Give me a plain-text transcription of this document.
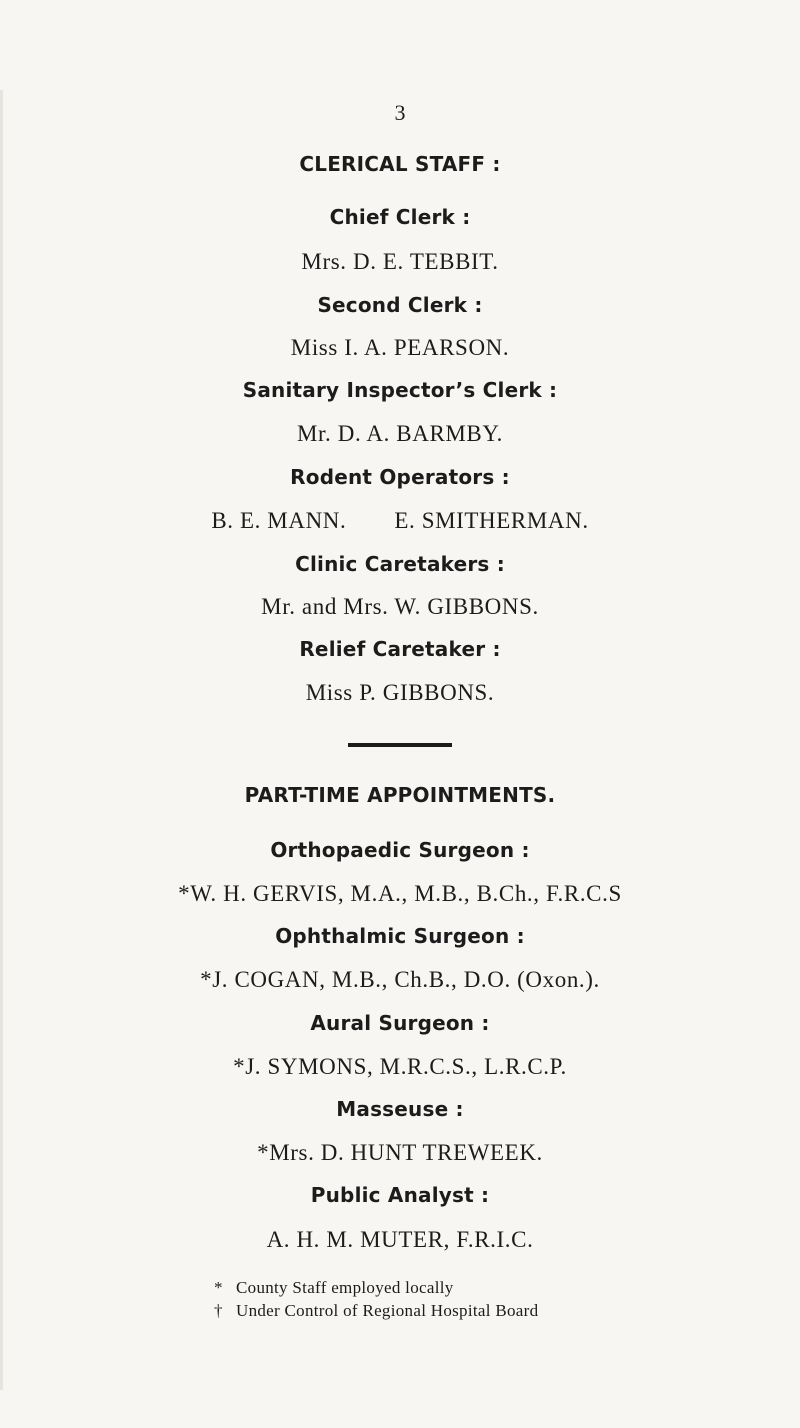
3
CLERICAL STAFF :
Chief Clerk :
Mrs. D. E. TEBBIT.
Second Clerk :
Miss I. A. PEARSON.
Sanitary Inspector’s Clerk :
Mr. D. A. BARMBY.
Rodent Operators :
B. E. MANN. E. SMITHERMAN.
Clinic Caretakers :
Mr. and Mrs. W. GIBBONS.
Relief Caretaker :
Miss P. GIBBONS.
PART-TIME APPOINTMENTS.
Orthopaedic Surgeon :
*W. H. GERVIS, M.A., M.B., B.Ch., F.R.C.S
Ophthalmic Surgeon :
*J. COGAN, M.B., Ch.B., D.O. (Oxon.).
Aural Surgeon :
*J. SYMONS, M.R.C.S., L.R.C.P.
Masseuse :
*Mrs. D. HUNT TREWEEK.
Public Analyst :
A. H. M. MUTER, F.R.I.C.
* County Staff employed locally
† Under Control of Regional Hospital Board
